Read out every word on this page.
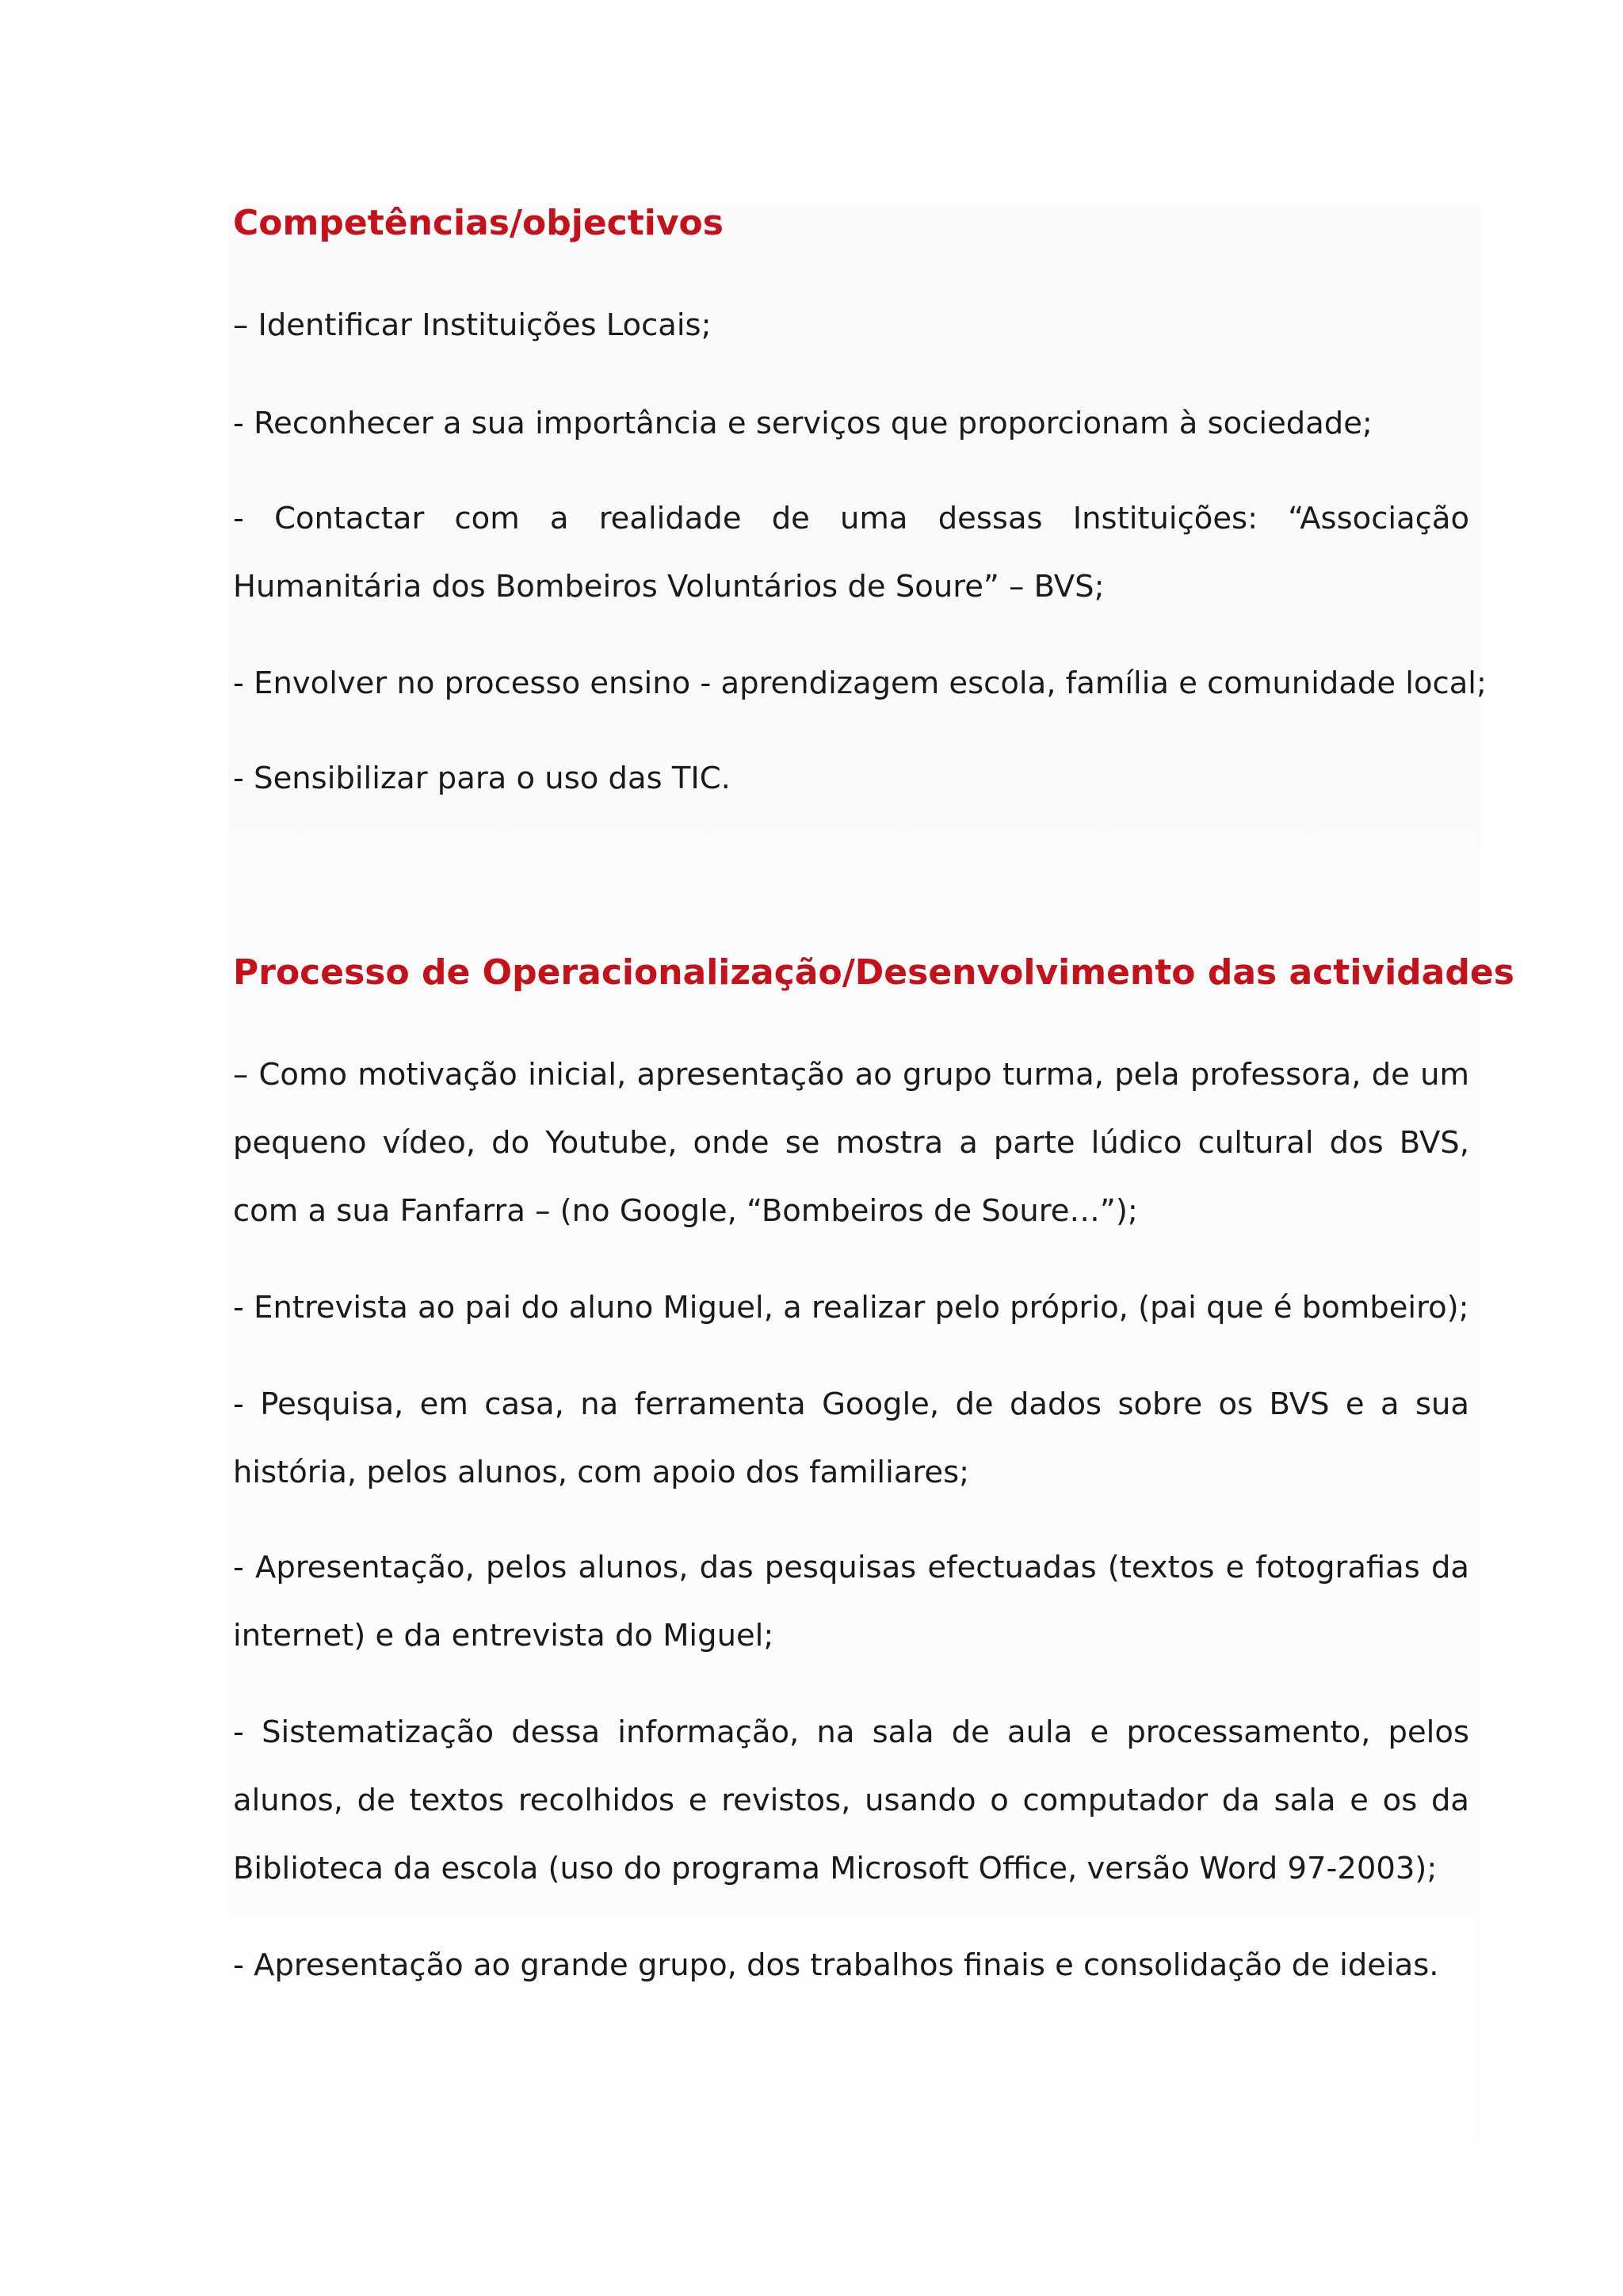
Competências/objectivos

– Identificar Instituições Locais;

- Reconhecer a sua importância e serviços que proporcionam à sociedade;

- Contactar com a realidade de uma dessas Instituições: “Associação Humanitária dos Bombeiros Voluntários de Soure” – BVS;

- Envolver no processo ensino - aprendizagem escola, família e comunidade local;

- Sensibilizar para o uso das TIC.

Processo de Operacionalização/Desenvolvimento das actividades

– Como motivação inicial, apresentação ao grupo turma, pela professora, de um pequeno vídeo, do Youtube, onde se mostra a parte lúdico cultural dos BVS, com a sua Fanfarra – (no Google, “Bombeiros de Soure…”);

- Entrevista ao pai do aluno Miguel, a realizar pelo próprio, (pai que é bombeiro);

- Pesquisa, em casa, na ferramenta Google, de dados sobre os BVS e a sua história, pelos alunos, com apoio dos familiares;

- Apresentação, pelos alunos, das pesquisas efectuadas (textos e fotografias da internet) e da entrevista do Miguel;

- Sistematização dessa informação, na sala de aula e processamento, pelos alunos, de textos recolhidos e revistos, usando o computador da sala e os da Biblioteca da escola (uso do programa Microsoft Office, versão Word 97-2003);

- Apresentação ao grande grupo, dos trabalhos finais e consolidação de ideias.
